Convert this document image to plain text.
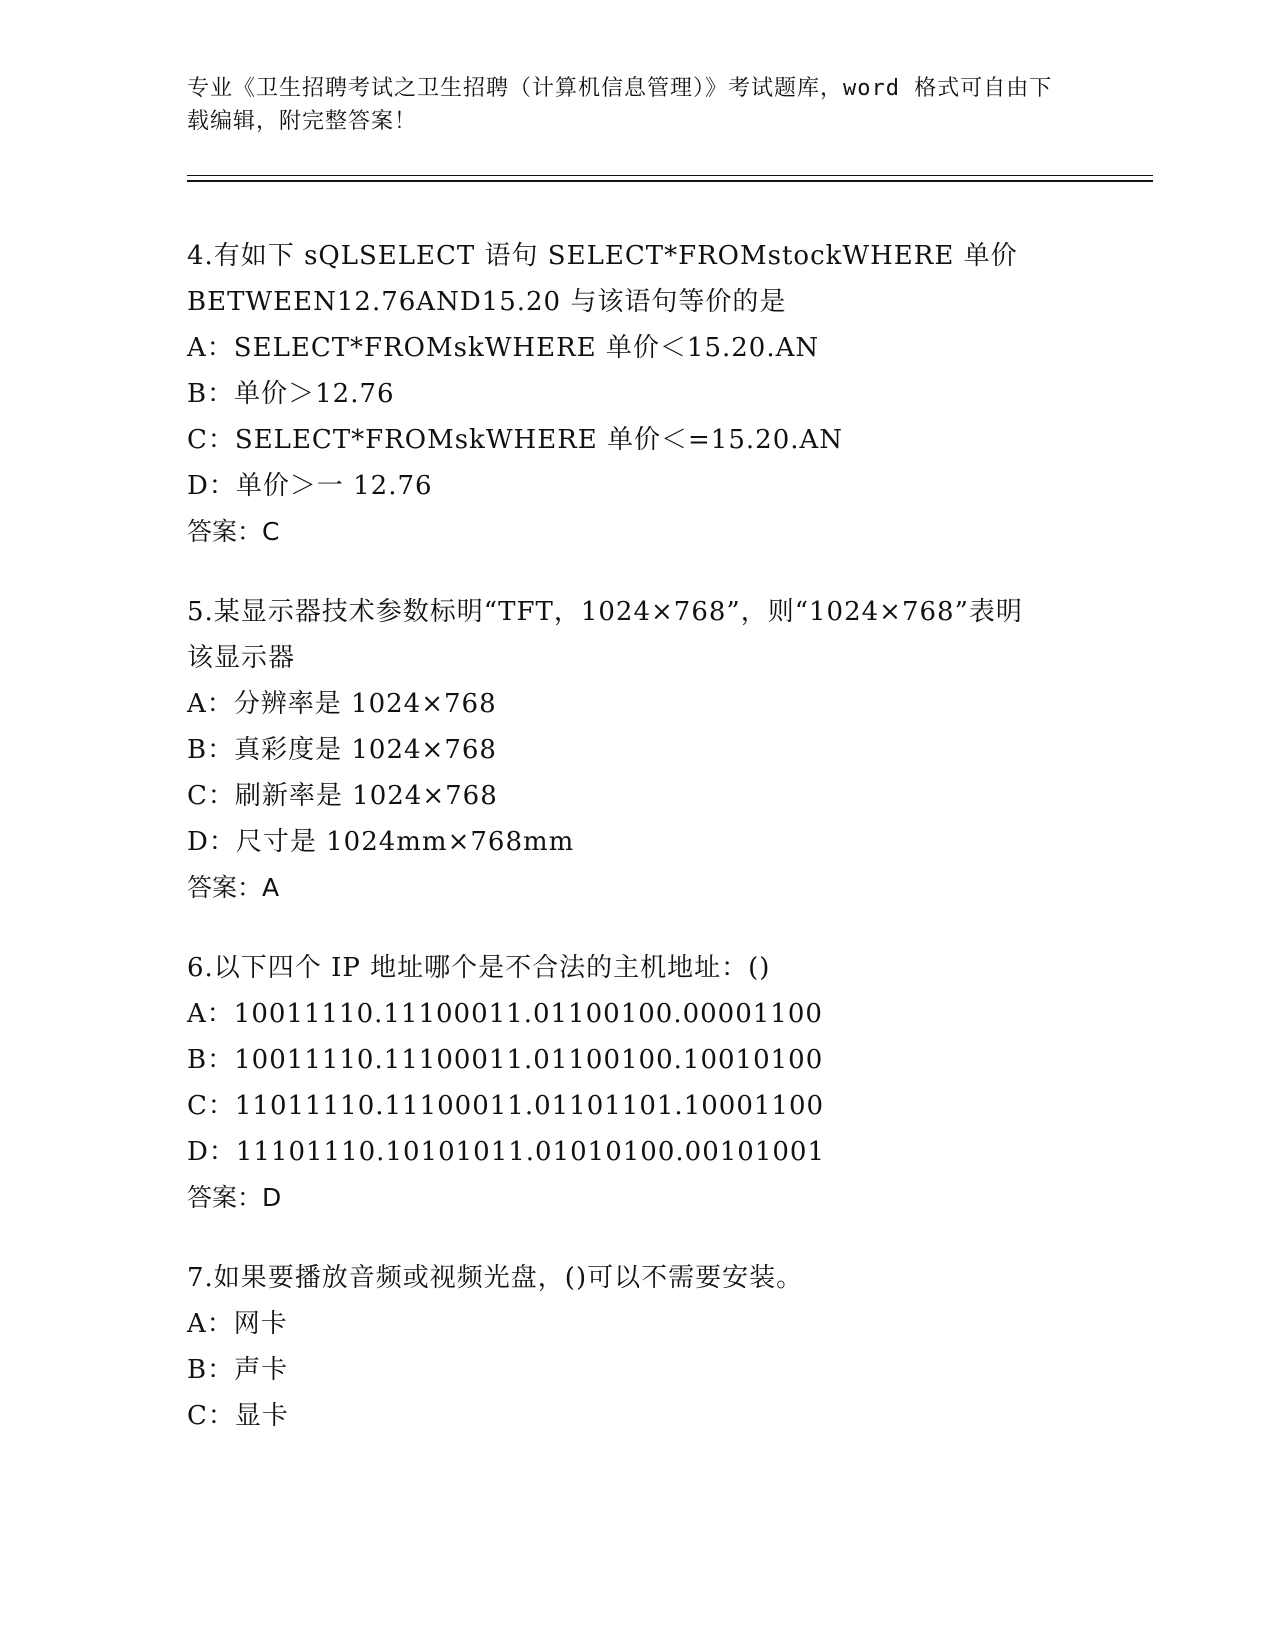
专业《卫生招聘考试之卫生招聘（计算机信息管理）》考试题库，word 格式可自由下载编辑，附完整答案！
4.有如下 sQLSELECT 语句 SELECT*FROMstockWHERE 单价
BETWEEN12.76AND15.20 与该语句等价的是
A：SELECT*FROMskWHERE 单价＜15.20.AN
B：单价＞12.76
C：SELECT*FROMskWHERE 单价＜=15.20.AN
D：单价＞一 12.76
答案：C
5.某显示器技术参数标明“TFT，1024×768”，则“1024×768”表明
该显示器
A：分辨率是 1024×768
B：真彩度是 1024×768
C：刷新率是 1024×768
D：尺寸是 1024mm×768mm
答案：A
6.以下四个 IP 地址哪个是不合法的主机地址：()
A：10011110.11100011.01100100.00001100
B：10011110.11100011.01100100.10010100
C：11011110.11100011.01101101.10001100
D：11101110.10101011.01010100.00101001
答案：D
7.如果要播放音频或视频光盘，()可以不需要安装。
A：网卡
B：声卡
C：显卡
